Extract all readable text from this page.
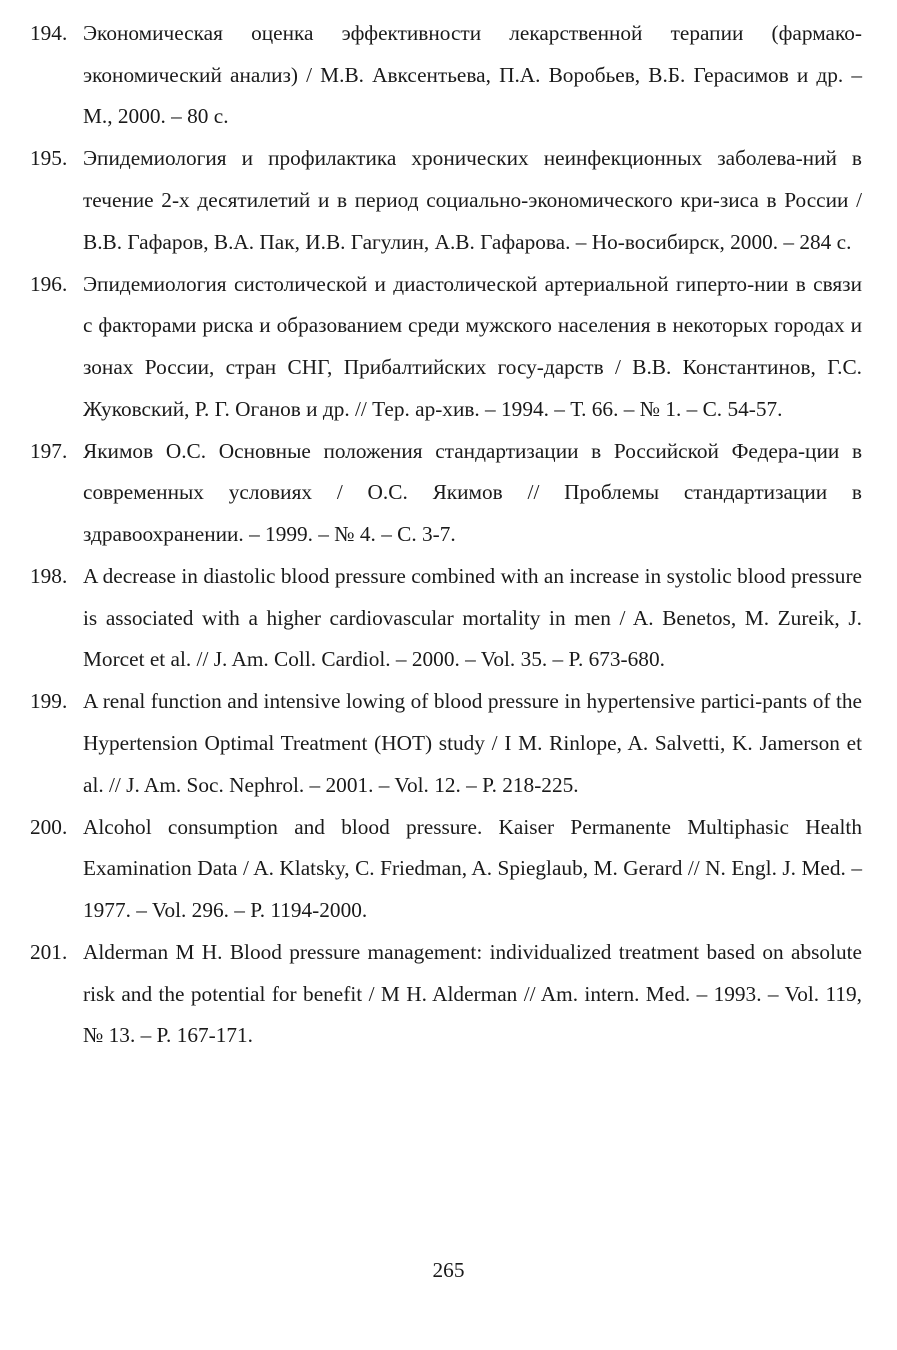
194. Экономическая оценка эффективности лекарственной терапии (фармако-экономический анализ) / М.В. Авксентьева, П.А. Воробьев, В.Б. Герасимов и др. – М., 2000. – 80 с.
195. Эпидемиология и профилактика хронических неинфекционных заболева-ний в течение 2-х десятилетий и в период социально-экономического кри-зиса в России / В.В. Гафаров, В.А. Пак, И.В. Гагулин, А.В. Гафарова. – Но-восибирск, 2000. – 284 с.
196. Эпидемиология систолической и диастолической артериальной гиперто-нии в связи с факторами риска и образованием среди мужского населения в некоторых городах и зонах России, стран СНГ, Прибалтийских госу-дарств / В.В. Константинов, Г.С. Жуковский, Р. Г. Оганов и др. // Тер. ар-хив. – 1994. – Т. 66. – № 1. – С. 54-57.
197. Якимов О.С. Основные положения стандартизации в Российской Федера-ции в современных условиях / О.С. Якимов // Проблемы стандартизации в здравоохранении. – 1999. – № 4. – С. 3-7.
198. A decrease in diastolic blood pressure combined with an increase in systolic blood pressure is associated with a higher cardiovascular mortality in men / A. Benetos, M. Zureik, J. Morcet et al. // J. Am. Coll. Cardiol. – 2000. – Vol. 35. – P. 673-680.
199. A renal function and intensive lowing of blood pressure in hypertensive partici-pants of the Hypertension Optimal Treatment (HOT) study / I M. Rinlope, A. Salvetti, K. Jamerson et al. // J. Am. Soc. Nephrol. – 2001. – Vol. 12. – P. 218-225.
200. Alcohol consumption and blood pressure. Kaiser Permanente Multiphasic Health Examination Data / A. Klatsky, C. Friedman, A. Spieglaub, M. Gerard // N. Engl. J. Med. – 1977. – Vol. 296. – P. 1194-2000.
201. Alderman M H. Blood pressure management: individualized treatment based on absolute risk and the potential for benefit / M H. Alderman // Am. intern. Med. – 1993. – Vol. 119, № 13. – P. 167-171.
265
